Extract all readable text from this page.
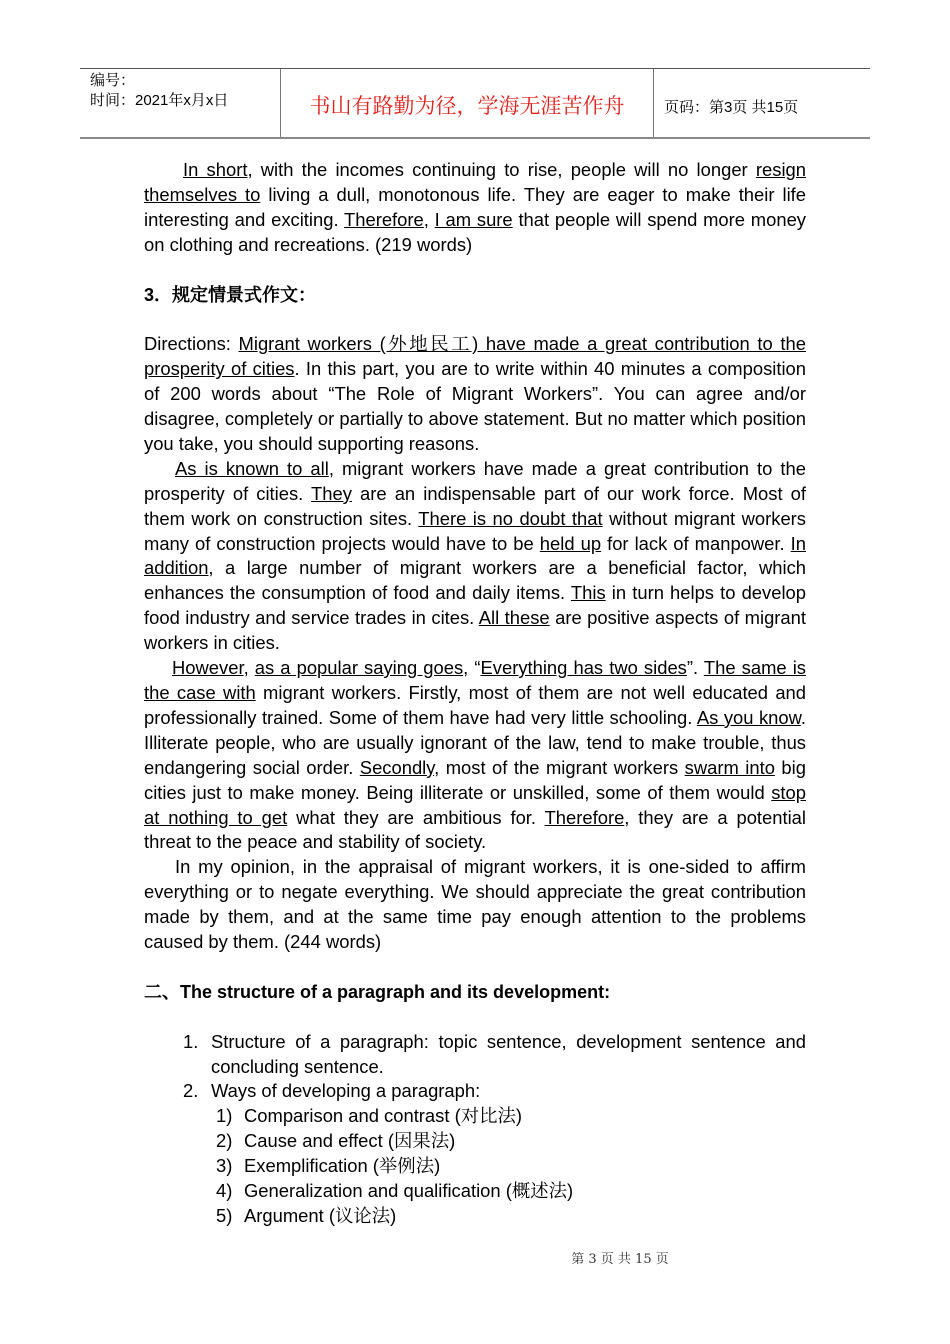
编号：
时间：2021年x月x日	书山有路勤为径，学海无涯苦作舟	页码：第3页 共15页
In short, with the incomes continuing to rise, people will no longer resign themselves to living a dull, monotonous life. They are eager to make their life interesting and exciting. Therefore, I am sure that people will spend more money on clothing and recreations. (219 words)
3．规定情景式作文：
Directions: Migrant workers (外地民工) have made a great contribution to the prosperity of cities. In this part, you are to write within 40 minutes a composition of 200 words about “The Role of Migrant Workers”. You can agree and/or disagree, completely or partially to above statement. But no matter which position you take, you should supporting reasons.
As is known to all, migrant workers have made a great contribution to the prosperity of cities. They are an indispensable part of our work force. Most of them work on construction sites. There is no doubt that without migrant workers many of construction projects would have to be held up for lack of manpower. In addition, a large number of migrant workers are a beneficial factor, which enhances the consumption of food and daily items. This in turn helps to develop food industry and service trades in cites. All these are positive aspects of migrant workers in cities.
However, as a popular saying goes, “Everything has two sides”. The same is the case with migrant workers. Firstly, most of them are not well educated and professionally trained. Some of them have had very little schooling. As you know. Illiterate people, who are usually ignorant of the law, tend to make trouble, thus endangering social order. Secondly, most of the migrant workers swarm into big cities just to make money. Being illiterate or unskilled, some of them would stop at nothing to get what they are ambitious for. Therefore, they are a potential threat to the peace and stability of society.
In my opinion, in the appraisal of migrant workers, it is one-sided to affirm everything or to negate everything. We should appreciate the great contribution made by them, and at the same time pay enough attention to the problems caused by them. (244 words)
二、The structure of a paragraph and its development:
1. Structure of a paragraph: topic sentence, development sentence and concluding sentence.
2. Ways of developing a paragraph:
1) Comparison and contrast (对比法)
2) Cause and effect (因果法)
3) Exemplification (举例法)
4) Generalization and qualification (概述法)
5) Argument (议论法)
第 3 页 共 15 页
